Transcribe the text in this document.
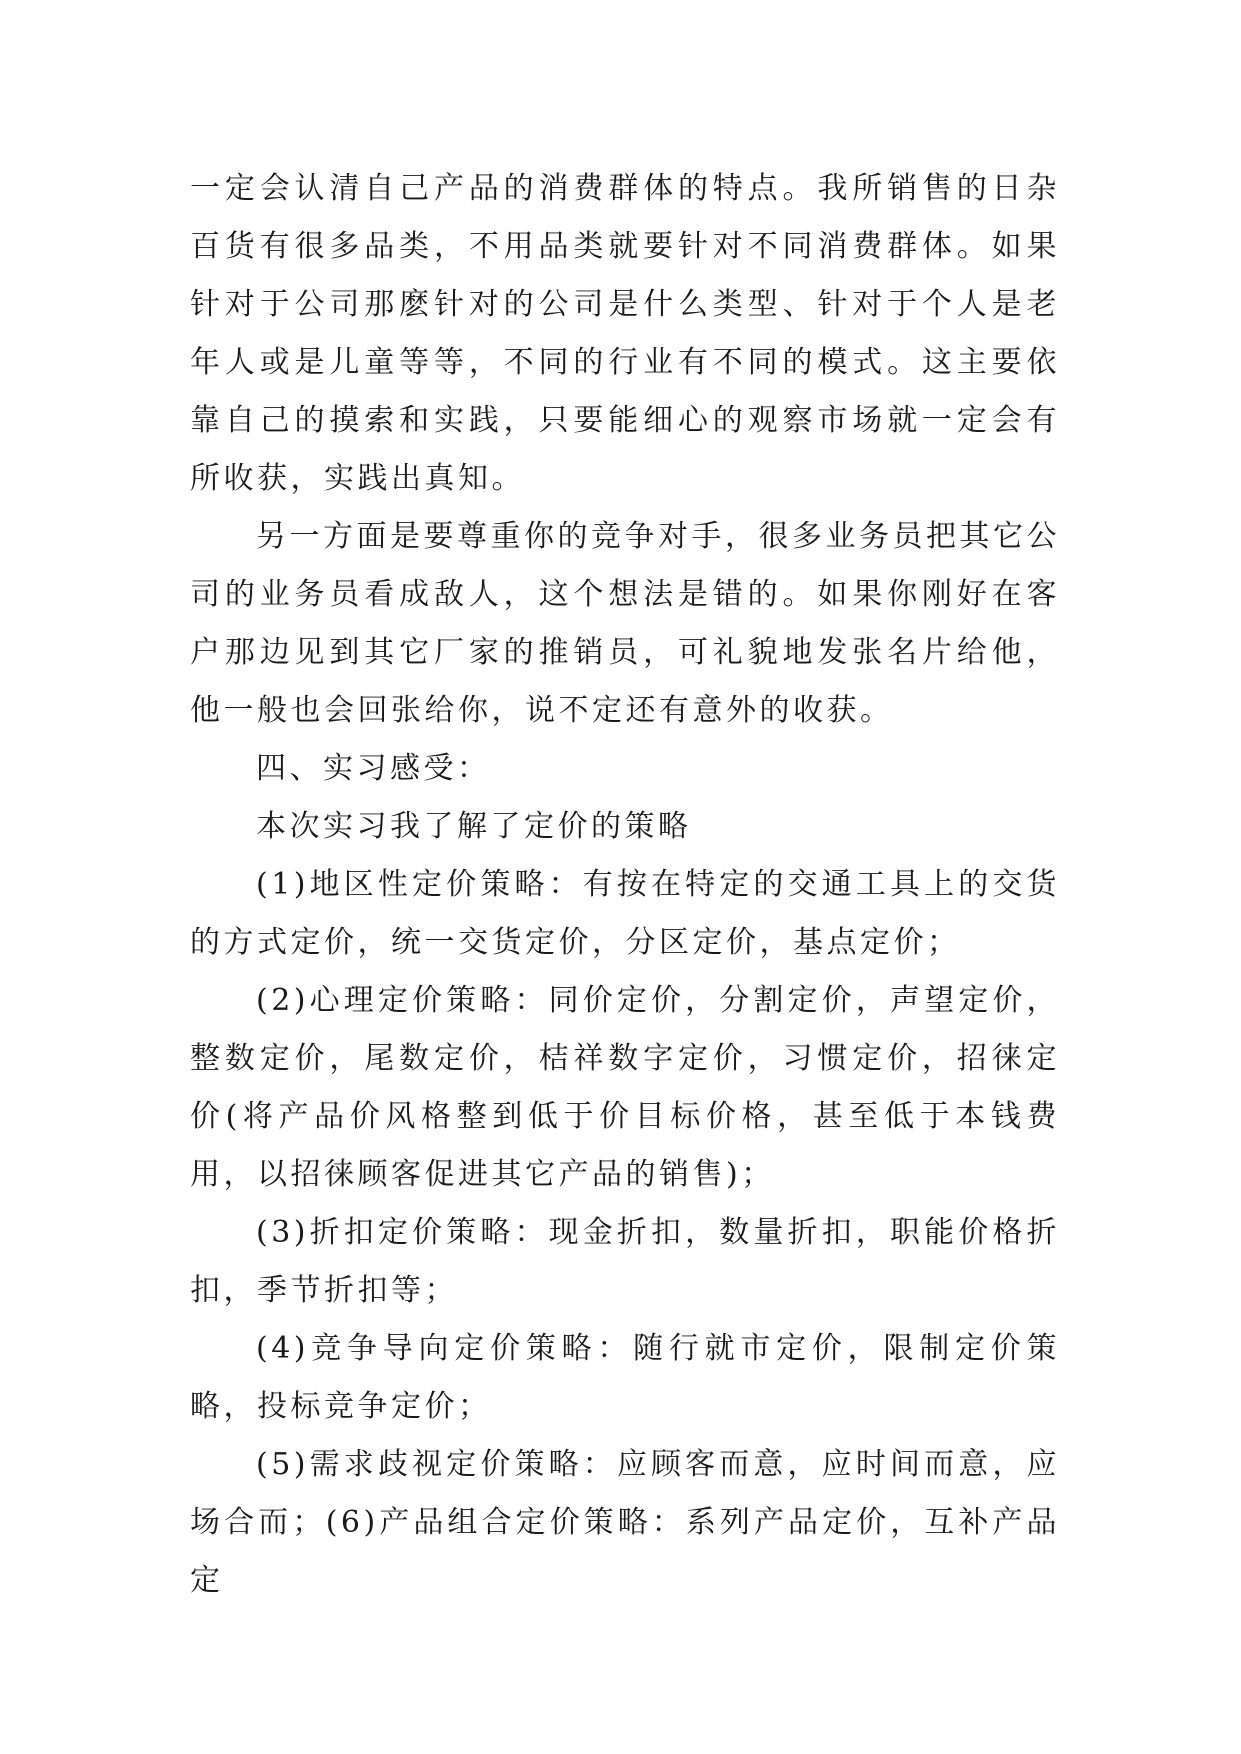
一定会认清自己产品的消费群体的特点。我所销售的日杂百货有很多品类，不用品类就要针对不同消费群体。如果针对于公司那麽针对的公司是什么类型、针对于个人是老年人或是儿童等等，不同的行业有不同的模式。这主要依靠自己的摸索和实践，只要能细心的观察市场就一定会有所收获，实践出真知。

另一方面是要尊重你的竞争对手，很多业务员把其它公司的业务员看成敌人，这个想法是错的。如果你刚好在客户那边见到其它厂家的推销员，可礼貌地发张名片给他，他一般也会回张给你，说不定还有意外的收获。

四、实习感受：

本次实习我了解了定价的策略

(1)地区性定价策略：有按在特定的交通工具上的交货的方式定价，统一交货定价，分区定价，基点定价；

(2)心理定价策略：同价定价，分割定价，声望定价，整数定价，尾数定价，桔祥数字定价，习惯定价，招徕定价(将产品价风格整到低于价目标价格，甚至低于本钱费用，以招徕顾客促进其它产品的销售)；

(3)折扣定价策略：现金折扣，数量折扣，职能价格折扣，季节折扣等；

(4)竞争导向定价策略：随行就市定价，限制定价策略，投标竞争定价；

(5)需求歧视定价策略：应顾客而意，应时间而意，应场合而；(6)产品组合定价策略：系列产品定价，互补产品定
